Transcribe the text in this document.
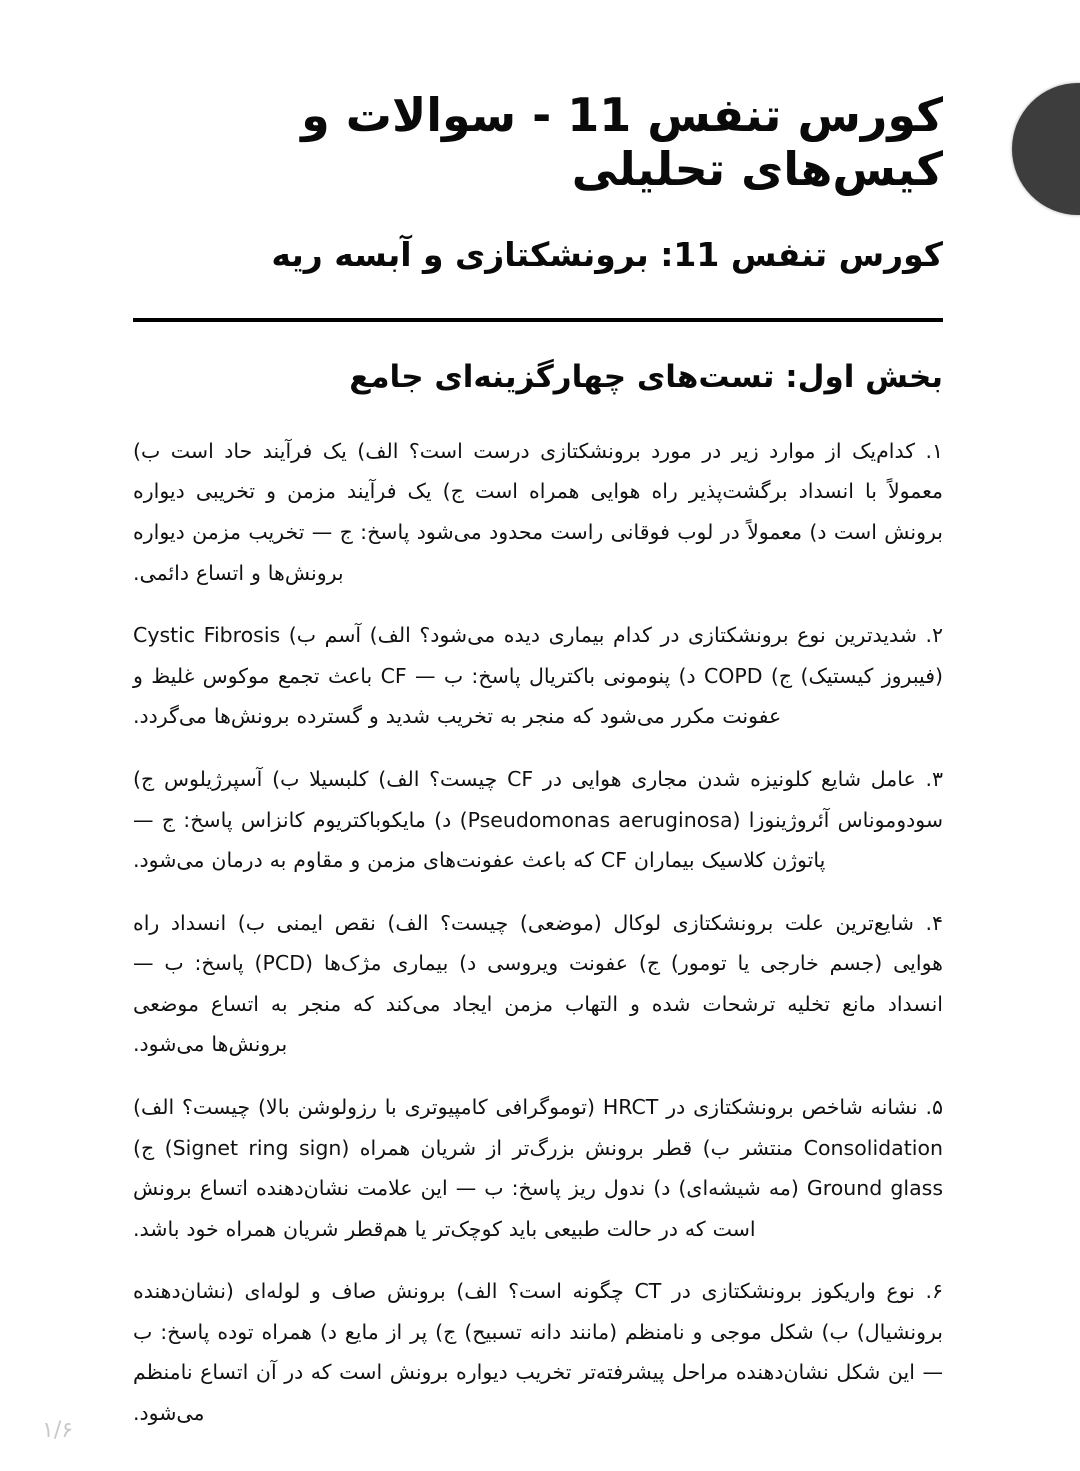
کورس تنفس 11 - سوالات و کیس‌های تحلیلی
کورس تنفس 11: برونشکتازی و آبسه ریه
بخش اول: تست‌های چهارگزینه‌ای جامع
۱. کدام‌یک از موارد زیر در مورد برونشکتازی درست است؟ الف) یک فرآیند حاد است ب) معمولاً با انسداد برگشت‌پذیر راه هوایی همراه است ج) یک فرآیند مزمن و تخریبی دیواره برونش است د) معمولاً در لوب فوقانی راست محدود می‌شود پاسخ: ج — تخریب مزمن دیواره برونش‌ها و اتساع دائمی.
۲. شدیدترین نوع برونشکتازی در کدام بیماری دیده می‌شود؟ الف) آسم ب) Cystic Fibrosis (فیبروز کیستیک) ج) COPD د) پنومونی باکتریال پاسخ: ب — CF باعث تجمع موکوس غلیظ و عفونت مکرر می‌شود که منجر به تخریب شدید و گسترده برونش‌ها می‌گردد.
۳. عامل شایع کلونیزه شدن مجاری هوایی در CF چیست؟ الف) کلبسیلا ب) آسپرژیلوس ج) سودوموناس آئروژینوزا (Pseudomonas aeruginosa) د) مایکوباکتریوم کانزاس پاسخ: ج — پاتوژن کلاسیک بیماران CF که باعث عفونت‌های مزمن و مقاوم به درمان می‌شود.
۴. شایع‌ترین علت برونشکتازی لوکال (موضعی) چیست؟ الف) نقص ایمنی ب) انسداد راه هوایی (جسم خارجی یا تومور) ج) عفونت ویروسی د) بیماری مژک‌ها (PCD) پاسخ: ب — انسداد مانع تخلیه ترشحات شده و التهاب مزمن ایجاد می‌کند که منجر به اتساع موضعی برونش‌ها می‌شود.
۵. نشانه شاخص برونشکتازی در HRCT (توموگرافی کامپیوتری با رزولوشن بالا) چیست؟ الف) Consolidation منتشر ب) قطر برونش بزرگ‌تر از شریان همراه (Signet ring sign) ج) Ground glass (مه شیشه‌ای) د) ندول ریز پاسخ: ب — این علامت نشان‌دهنده اتساع برونش است که در حالت طبیعی باید کوچک‌تر یا هم‌قطر شریان همراه خود باشد.
۶. نوع واریکوز برونشکتازی در CT چگونه است؟ الف) برونش صاف و لوله‌ای (نشان‌دهنده برونشیال) ب) شکل موجی و نامنظم (مانند دانه تسبیح) ج) پر از مایع د) همراه توده پاسخ: ب — این شکل نشان‌دهنده مراحل پیشرفته‌تر تخریب دیواره برونش است که در آن اتساع نامنظم می‌شود.
۱/۶
